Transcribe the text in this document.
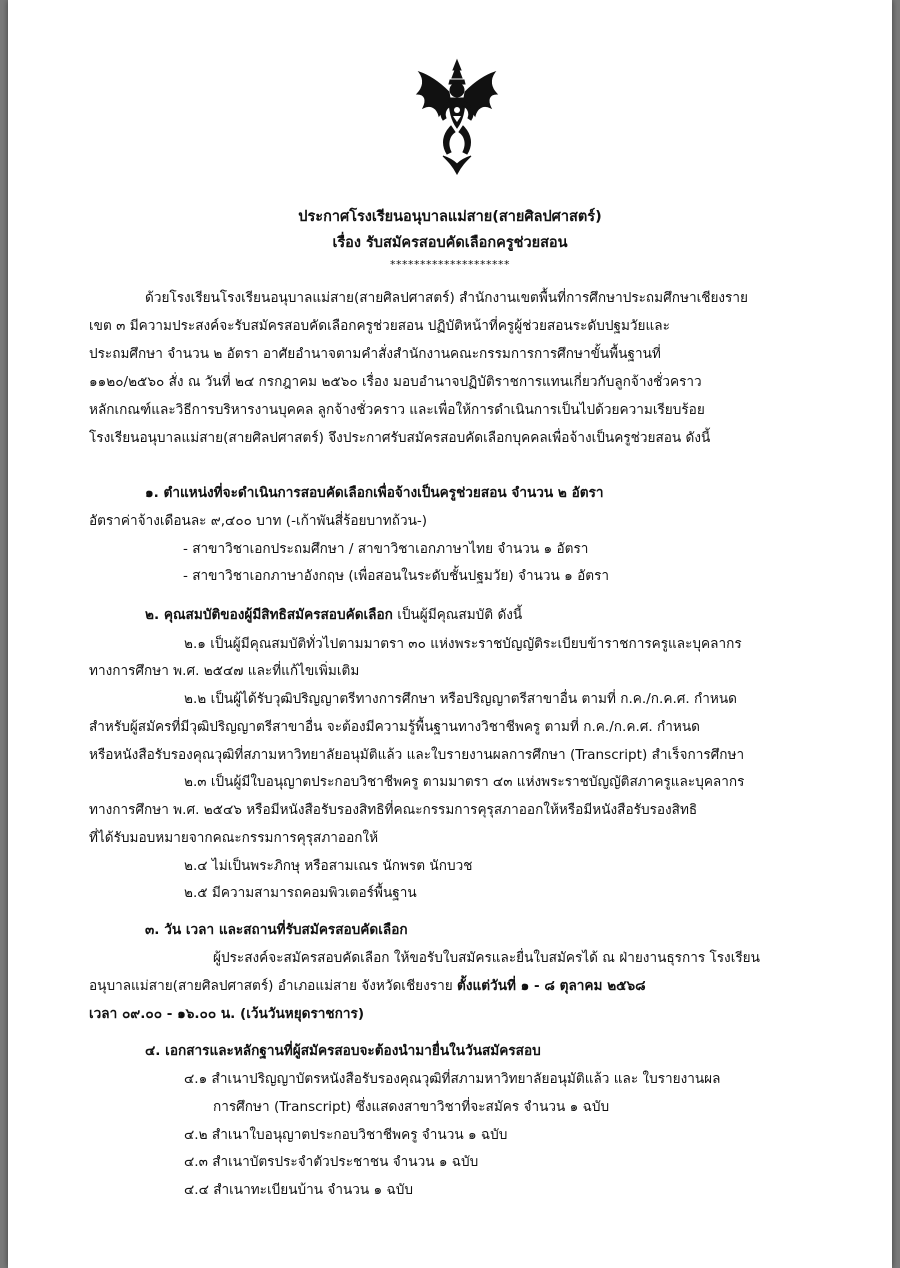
ประกาศโรงเรียนอนุบาลแม่สาย(สายศิลปศาสตร์)

เรื่อง รับสมัครสอบคัดเลือกครูช่วยสอน

********************

ด้วยโรงเรียนโรงเรียนอนุบาลแม่สาย(สายศิลปศาสตร์) สำนักงานเขตพื้นที่การศึกษาประถมศึกษาเชียงราย

เขต ๓ มีความประสงค์จะรับสมัครสอบคัดเลือกครูช่วยสอน ปฏิบัติหน้าที่ครูผู้ช่วยสอนระดับปฐมวัยและ

ประถมศึกษา จำนวน ๒ อัตรา อาศัยอำนาจตามคำสั่งสำนักงานคณะกรรมการการศึกษาขั้นพื้นฐานที่

๑๑๒๐/๒๕๖๐ สั่ง ณ วันที่ ๒๔ กรกฎาคม ๒๕๖๐ เรื่อง มอบอำนาจปฏิบัติราชการแทนเกี่ยวกับลูกจ้างชั่วคราว

หลักเกณฑ์และวิธีการบริหารงานบุคคล ลูกจ้างชั่วคราว และเพื่อให้การดำเนินการเป็นไปด้วยความเรียบร้อย

โรงเรียนอนุบาลแม่สาย(สายศิลปศาสตร์) จึงประกาศรับสมัครสอบคัดเลือกบุคคลเพื่อจ้างเป็นครูช่วยสอน ดังนี้

๑. ตำแหน่งที่จะดำเนินการสอบคัดเลือกเพื่อจ้างเป็นครูช่วยสอน จำนวน ๒ อัตรา

อัตราค่าจ้างเดือนละ ๙,๔๐๐ บาท (-เก้าพันสี่ร้อยบาทถ้วน-)

- สาขาวิชาเอกประถมศึกษา / สาขาวิชาเอกภาษาไทย จำนวน ๑ อัตรา

- สาขาวิชาเอกภาษาอังกฤษ (เพื่อสอนในระดับชั้นปฐมวัย) จำนวน ๑ อัตรา

๒. คุณสมบัติของผู้มีสิทธิสมัครสอบคัดเลือก เป็นผู้มีคุณสมบัติ ดังนี้

๒.๑ เป็นผู้มีคุณสมบัติทั่วไปตามมาตรา ๓๐ แห่งพระราชบัญญัติระเบียบข้าราชการครูและบุคลากร

ทางการศึกษา พ.ศ. ๒๕๔๗ และที่แก้ไขเพิ่มเติม

๒.๒ เป็นผู้ได้รับวุฒิปริญญาตรีทางการศึกษา หรือปริญญาตรีสาขาอื่น ตามที่ ก.ค./ก.ค.ศ. กำหนด

สำหรับผู้สมัครที่มีวุฒิปริญญาตรีสาขาอื่น จะต้องมีความรู้พื้นฐานทางวิชาชีพครู ตามที่ ก.ค./ก.ค.ศ. กำหนด

หรือหนังสือรับรองคุณวุฒิที่สภามหาวิทยาลัยอนุมัติแล้ว และใบรายงานผลการศึกษา (Transcript) สำเร็จการศึกษา

๒.๓ เป็นผู้มีใบอนุญาตประกอบวิชาชีพครู ตามมาตรา ๔๓ แห่งพระราชบัญญัติสภาครูและบุคลากร

ทางการศึกษา พ.ศ. ๒๕๔๖ หรือมีหนังสือรับรองสิทธิที่คณะกรรมการคุรุสภาออกให้หรือมีหนังสือรับรองสิทธิ

ที่ได้รับมอบหมายจากคณะกรรมการคุรุสภาออกให้

๒.๔ ไม่เป็นพระภิกษุ หรือสามเณร นักพรต นักบวช

๒.๕ มีความสามารถคอมพิวเตอร์พื้นฐาน

๓. วัน เวลา และสถานที่รับสมัครสอบคัดเลือก

ผู้ประสงค์จะสมัครสอบคัดเลือก ให้ขอรับใบสมัครและยื่นใบสมัครได้ ณ ฝ่ายงานธุรการ โรงเรียน

อนุบาลแม่สาย(สายศิลปศาสตร์) อำเภอแม่สาย จังหวัดเชียงราย ตั้งแต่วันที่ ๑ - ๘ ตุลาคม ๒๕๖๘

เวลา ๐๙.๐๐ - ๑๖.๐๐ น. (เว้นวันหยุดราชการ)

๔. เอกสารและหลักฐานที่ผู้สมัครสอบจะต้องนำมายื่นในวันสมัครสอบ

๔.๑ สำเนาปริญญาบัตรหนังสือรับรองคุณวุฒิที่สภามหาวิทยาลัยอนุมัติแล้ว และ ใบรายงานผล

การศึกษา (Transcript) ซึ่งแสดงสาขาวิชาที่จะสมัคร จำนวน ๑ ฉบับ

๔.๒ สำเนาใบอนุญาตประกอบวิชาชีพครู จำนวน ๑ ฉบับ

๔.๓ สำเนาบัตรประจำตัวประชาชน จำนวน ๑ ฉบับ

๔.๔ สำเนาทะเบียนบ้าน จำนวน ๑ ฉบับ
